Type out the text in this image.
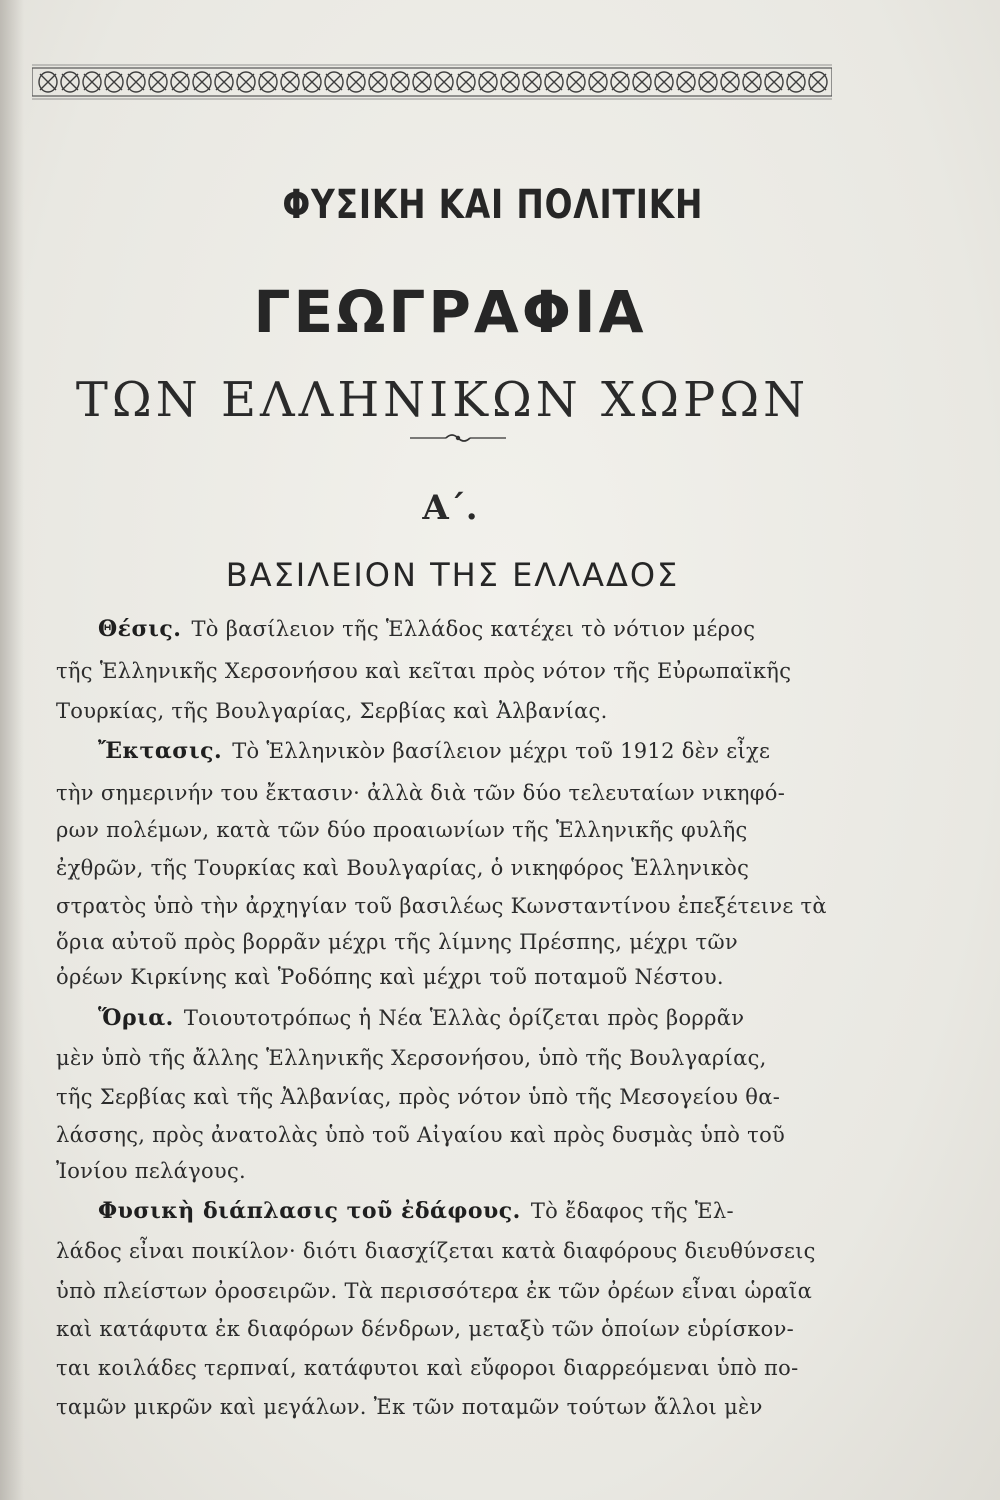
ΦΥΣΙΚΗ ΚΑΙ ΠΟΛΙΤΙΚΗ
ΓΕΩΓΡΑΦΙΑ
ΤΩΝ ΕΛΛΗΝΙΚΩΝ ΧΩΡΩΝ
Α΄.
ΒΑΣΙΛΕΙΟΝ ΤΗΣ ΕΛΛΑΔΟΣ
Θέσις. Τὸ βασίλειον τῆς Ἑλλάδος κατέχει τὸ νότιον μέρος
τῆς Ἑλληνικῆς Χερσονήσου καὶ κεῖται πρὸς νότον τῆς Εὐρωπαϊκῆς
Τουρκίας, τῆς Βουλγαρίας, Σερβίας καὶ Ἀλβανίας.
Ἔκτασις. Τὸ Ἑλληνικὸν βασίλειον μέχρι τοῦ 1912 δὲν εἶχε
τὴν σημερινήν του ἔκτασιν· ἀλλὰ διὰ τῶν δύο τελευταίων νικηφό-
ρων πολέμων, κατὰ τῶν δύο προαιωνίων τῆς Ἑλληνικῆς φυλῆς
ἐχθρῶν, τῆς Τουρκίας καὶ Βουλγαρίας, ὁ νικηφόρος Ἑλληνικὸς
στρατὸς ὑπὸ τὴν ἀρχηγίαν τοῦ βασιλέως Κωνσταντίνου ἐπεξέτεινε τὰ
ὅρια αὐτοῦ πρὸς βορρᾶν μέχρι τῆς λίμνης Πρέσπης, μέχρι τῶν
ὀρέων Κιρκίνης καὶ Ῥοδόπης καὶ μέχρι τοῦ ποταμοῦ Νέστου.
Ὅρια. Τοιουτοτρόπως ἡ Νέα Ἑλλὰς ὁρίζεται πρὸς βορρᾶν
μὲν ὑπὸ τῆς ἄλλης Ἑλληνικῆς Χερσονήσου, ὑπὸ τῆς Βουλγαρίας,
τῆς Σερβίας καὶ τῆς Ἀλβανίας, πρὸς νότον ὑπὸ τῆς Μεσογείου θα-
λάσσης, πρὸς ἀνατολὰς ὑπὸ τοῦ Αἰγαίου καὶ πρὸς δυσμὰς ὑπὸ τοῦ
Ἰονίου πελάγους.
Φυσικὴ διάπλασις τοῦ ἐδάφους. Τὸ ἔδαφος τῆς Ἑλ-
λάδος εἶναι ποικίλον· διότι διασχίζεται κατὰ διαφόρους διευθύνσεις
ὑπὸ πλείστων ὀροσειρῶν. Τὰ περισσότερα ἐκ τῶν ὀρέων εἶναι ὡραῖα
καὶ κατάφυτα ἐκ διαφόρων δένδρων, μεταξὺ τῶν ὁποίων εὑρίσκον-
ται κοιλάδες τερπναί, κατάφυτοι καὶ εὔφοροι διαρρεόμεναι ὑπὸ πο-
ταμῶν μικρῶν καὶ μεγάλων. Ἐκ τῶν ποταμῶν τούτων ἄλλοι μὲν
